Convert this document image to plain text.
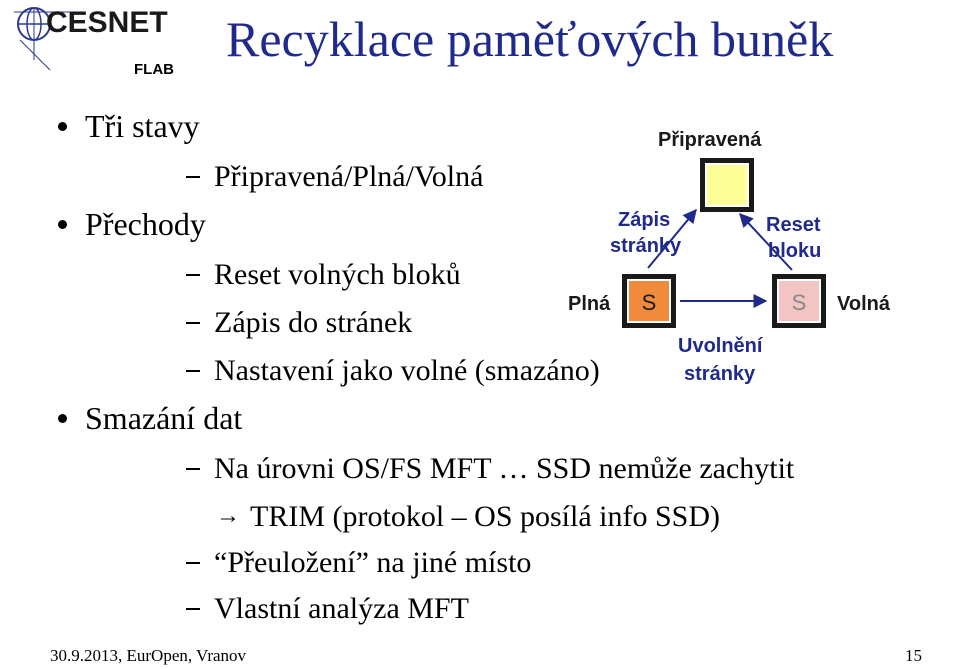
CESNET
FLAB
Recyklace paměťových buněk
Tři stavy
Připravená/Plná/Volná
Přechody
Reset volných bloků
Zápis do stránek
Nastavení jako volné (smazáno)
Smazání dat
Na úrovni OS/FS MFT … SSD nemůže zachytit
→ TRIM (protokol – OS posílá info SSD)
“Přeuložení” na jiné místo
Vlastní analýza MFT
Připravená
Plná	Volná
S	S
Zápis
stránky
Reset
bloku
Uvolnění
stránky
30.9.2013, EurOpen, Vranov	15
